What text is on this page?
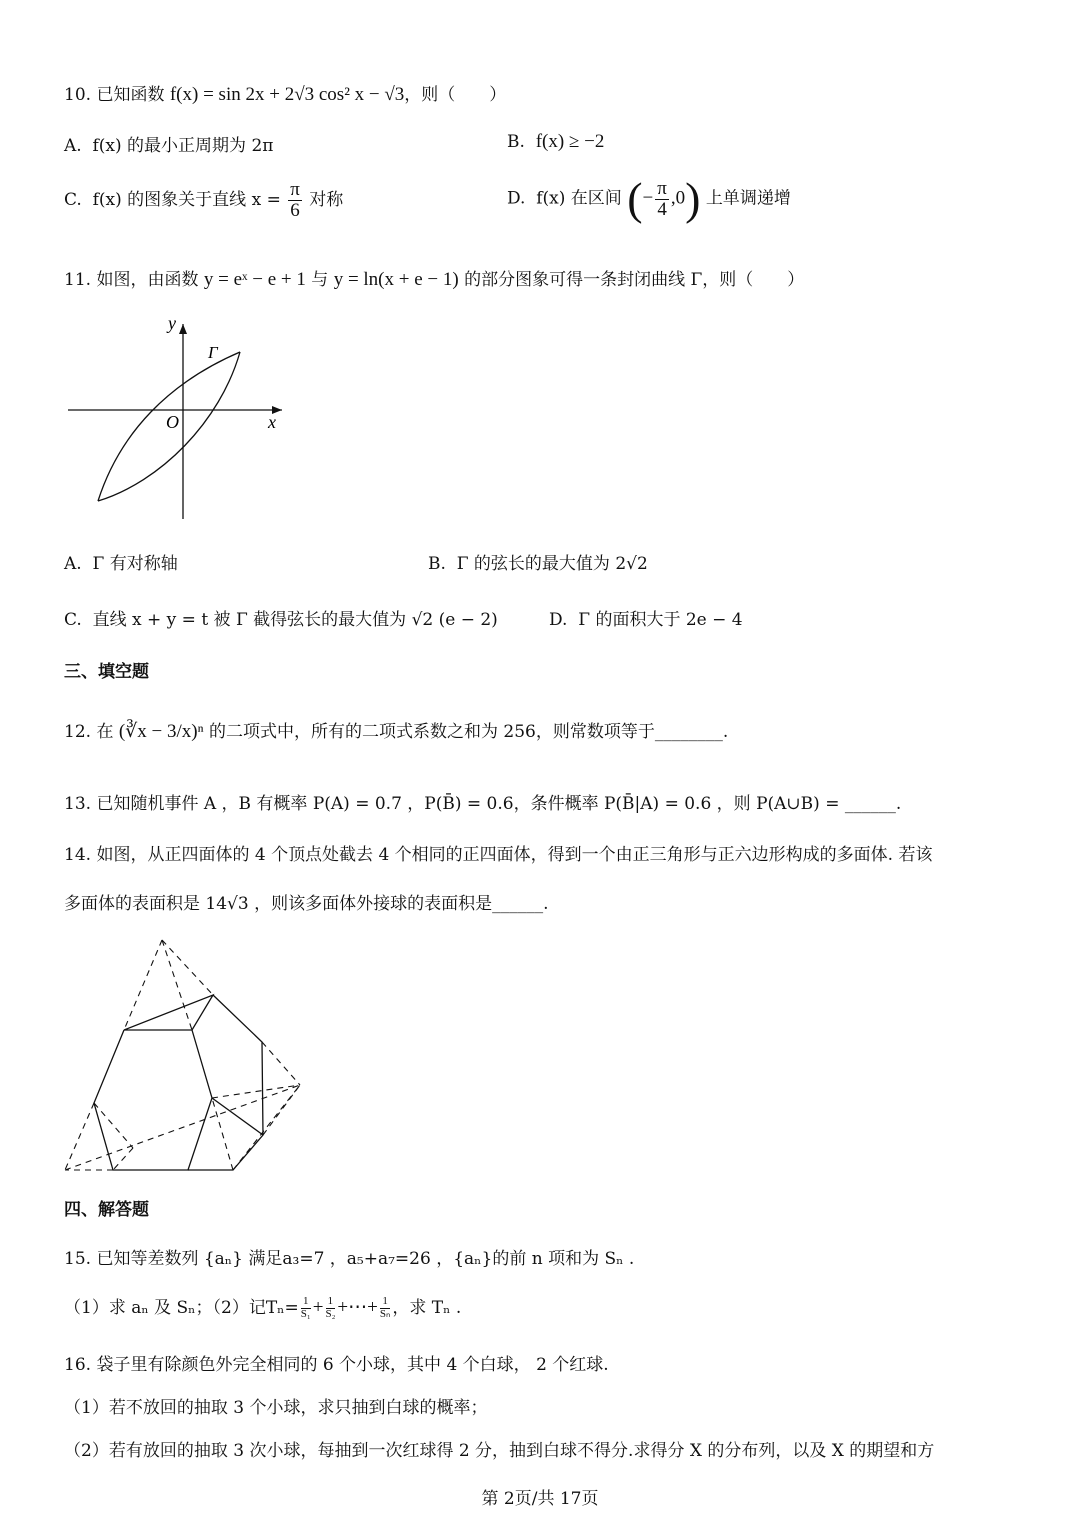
10. 已知函数 f(x) = sin 2x + 2√3 cos² x − √3，则（　　）
A. f(x) 的最小正周期为 2π	B. f(x) ≥ −2
C. f(x) 的图象关于直线 $x = \frac{\pi}{6}$ 对称	D. f(x) 在区间 (− $\frac{\pi}{4} ,0$) 上单调递增
11. 如图，由函数 y = eˣ − e + 1 与 y = ln(x + e − 1) 的部分图象可得一条封闭曲线 Γ，则（　　）
y
x
O
Γ
A. Γ 有对称轴	B. Γ 的弦长的最大值为 2√2
C. 直线 x + y = t 被 Γ 截得弦长的最大值为 √2 (e − 2)	D. Γ 的面积大于 2e − 4
三、填空题
12. 在 (∛x − 3/x)ⁿ 的二项式中，所有的二项式系数之和为 256，则常数项等于________.
13. 已知随机事件 A ，B 有概率 P(A) = 0.7 ，P(B̄) = 0.6，条件概率 P(B̄|A) = 0.6 ，则 P(A∪B) = ______.
14. 如图，从正四面体的 4 个顶点处截去 4 个相同的正四面体，得到一个由正三角形与正六边形构成的多面体. 若该
多面体的表面积是 14√3 ，则该多面体外接球的表面积是______.
四、解答题
15. 已知等差数列 {aₙ} 满足a₃=7 ，a₅+a₇=26 ，{aₙ}的前 n 项和为 Sₙ .
（1）求 aₙ 及 Sₙ；（2）记$T_n= \frac{1}{\text{S₁}} + \frac{1}{\text{S₂}}$ +⋯+ $\frac{1}{\text{Sₙ}}$ ，求 Tₙ .
16. 袋子里有除颜色外完全相同的 6 个小球，其中 4 个白球， 2 个红球.
（1）若不放回的抽取 3 个小球，求只抽到白球的概率；
（2）若有放回的抽取 3 次小球，每抽到一次红球得 2 分，抽到白球不得分.求得分 X 的分布列，以及 X 的期望和方
第 2页/共 17页
